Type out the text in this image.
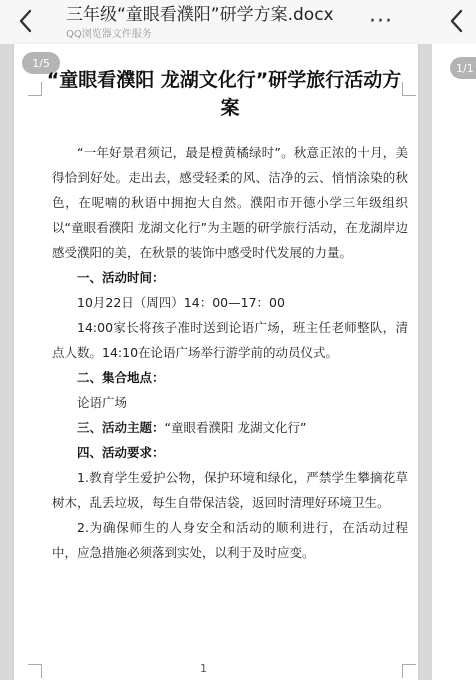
三年级“童眼看濮阳”研学方案.docx
QQ浏览器文件服务
···
1/1
1/5
“童眼看濮阳 龙湖文化行”研学旅行活动方
案
“一年好景君须记，最是橙黄橘绿时”。秋意正浓的十月，美得恰到好处。走出去，感受轻柔的风、洁净的云、悄悄涂染的秋色，在呢喃的秋语中拥抱大自然。濮阳市开德小学三年级组织以“童眼看濮阳 龙湖文化行”为主题的研学旅行活动，在龙湖岸边感受濮阳的美，在秋景的装饰中感受时代发展的力量。
一、活动时间：
10月22日（周四）14：00—17：00
14:00家长将孩子准时送到论语广场，班主任老师整队，清点人数。14:10在论语广场举行游学前的动员仪式。
二、集合地点：
论语广场
三、活动主题：“童眼看濮阳 龙湖文化行”
四、活动要求：
1.教育学生爱护公物，保护环境和绿化，严禁学生攀摘花草树木，乱丢垃圾，每生自带保洁袋，返回时清理好环境卫生。
2.为确保师生的人身安全和活动的顺利进行，在活动过程中，应急措施必须落到实处，以利于及时应变。
1
